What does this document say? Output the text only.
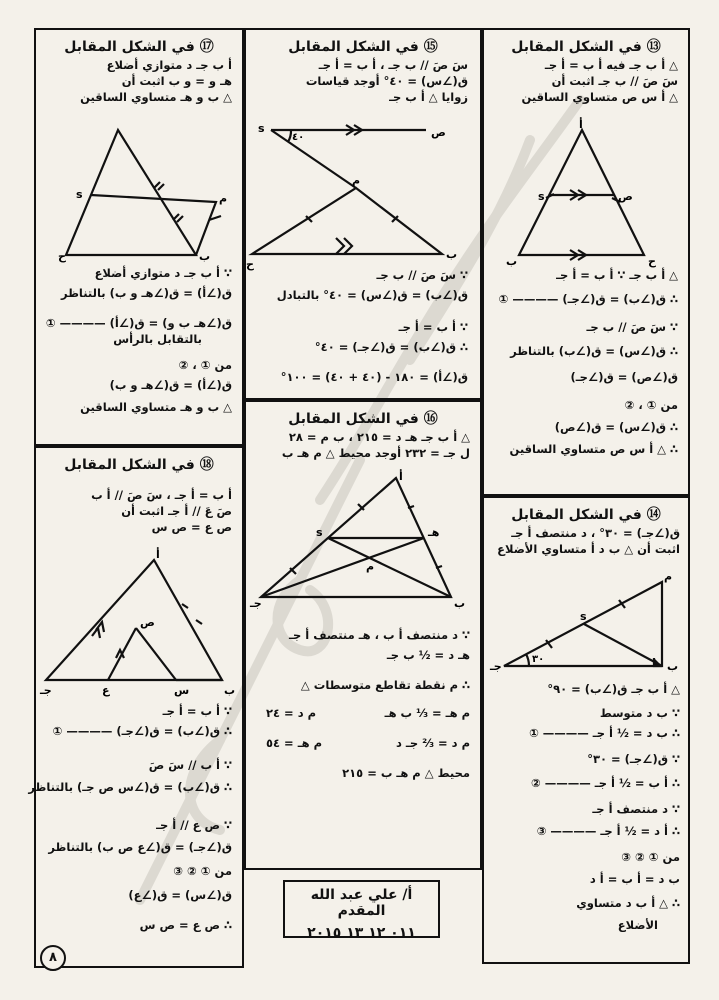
⑰ في الشكل المقابل
أ ب جـ د متوازي أضلاع
هـ و = و ب اثبت أن
△ ب و هـ متساوي الساقين
s	م
ح	ب
∵ أ ب جـ د متوازي أضلاع
ق(∠أ) = ق(∠هـ و ب) بالتناظر
ق(∠هـ ب و) = ق(∠أ) ———— ①
بالتقابل بالرأس
من ① ، ②
ق(∠أ) = ق(∠هـ و ب)
△ ب و هـ متساوي الساقين
⑮ في الشكل المقابل
سَ صَ // ب جـ ، أ ب = أ جـ
ق(∠س) = ٤٠° أوجد قياسات
زوايا △ أ ب جـ
٤٠
s	ص
م
ح
ب
∵ سَ صَ // ب جـ
ق(∠ب) = ق(∠س) = ٤٠° بالتبادل
∵ أ ب = أ جـ
∴ ق(∠ب) = ق(∠جـ) = ٤٠°
ق(∠أ) = ١٨٠ - (٤٠ + ٤٠) = ١٠٠°
⑬ في الشكل المقابل
△ أ ب جـ فيه أ ب = أ جـ
سَ صَ // ب جـ اثبت أن
△ أ س ص متساوي الساقين
أ
s	ص
ب	ح
△ أ ب جـ ∵ أ ب = أ جـ
∴ ق(∠ب) = ق(∠جـ) ———— ①
∵ سَ صَ // ب جـ
∴ ق(∠س) = ق(∠ب) بالتناظر
ق(∠ص) = ق(∠جـ)
من ① ، ②
∴ ق(∠س) = ق(∠ص)
∴ △ أ س ص متساوي الساقين
⑯ في الشكل المقابل
△ أ ب جـ هـ د = ٢١٥ ، ب م = ٢٨
ل جـ = ٢٣٢ أوجد محيط △ م هـ ب
أ
s	هـ
م
جـ	ب
∵ د منتصف أ ب ، هـ منتصف أ جـ
هـ د = ½ ب جـ
∴ م نقطة تقاطع متوسطات △
م هـ = ⅓ ب هـ
م د = ٢٤
م هـ = ٥٤	م د = ⅔ جـ د
محيط △ م هـ ب = ٢١٥
⑭ في الشكل المقابل
ق(∠جـ) = ٣٠° ، د منتصف أ جـ
اثبت أن △ ب د أ متساوي الأضلاع
٣٠
م
s
جـ	ب
△ أ ب جـ ق(∠ب) = ٩٠°
∵ ب د متوسط
∴ ب د = ½ أ جـ ———— ①
∵ ق(∠جـ) = ٣٠°
∴ أ ب = ½ أ جـ ———— ②
∵ د منتصف أ جـ
∴ أ د = ½ أ جـ ———— ③
من ① ② ③
ب د = أ ب = أ د
∴ △ أ ب د متساوي
الأضلاع
⑱ في الشكل المقابل
أ ب = أ جـ ، سَ صَ // أ ب
صَ عَ // أ جـ اثبت أن
ص ع = ص س
أ
ص
جـ	ع	س	ب
∵ أ ب = أ جـ
∴ ق(∠ب) = ق(∠جـ) ———— ①
∵ أ ب // سَ صَ
∴ ق(∠ب) = ق(∠س ص جـ) بالتناظر
∵ ص ع // أ جـ
ق(∠جـ) = ق(∠ع ص ب) بالتناظر
من ① ② ③
ق(∠س) = ق(∠ع)
∴ ص ع = ص س
أ/ علي عبد الله المقدم
٠١١ ١٢ ١٣ ٢٠١٥
٨
